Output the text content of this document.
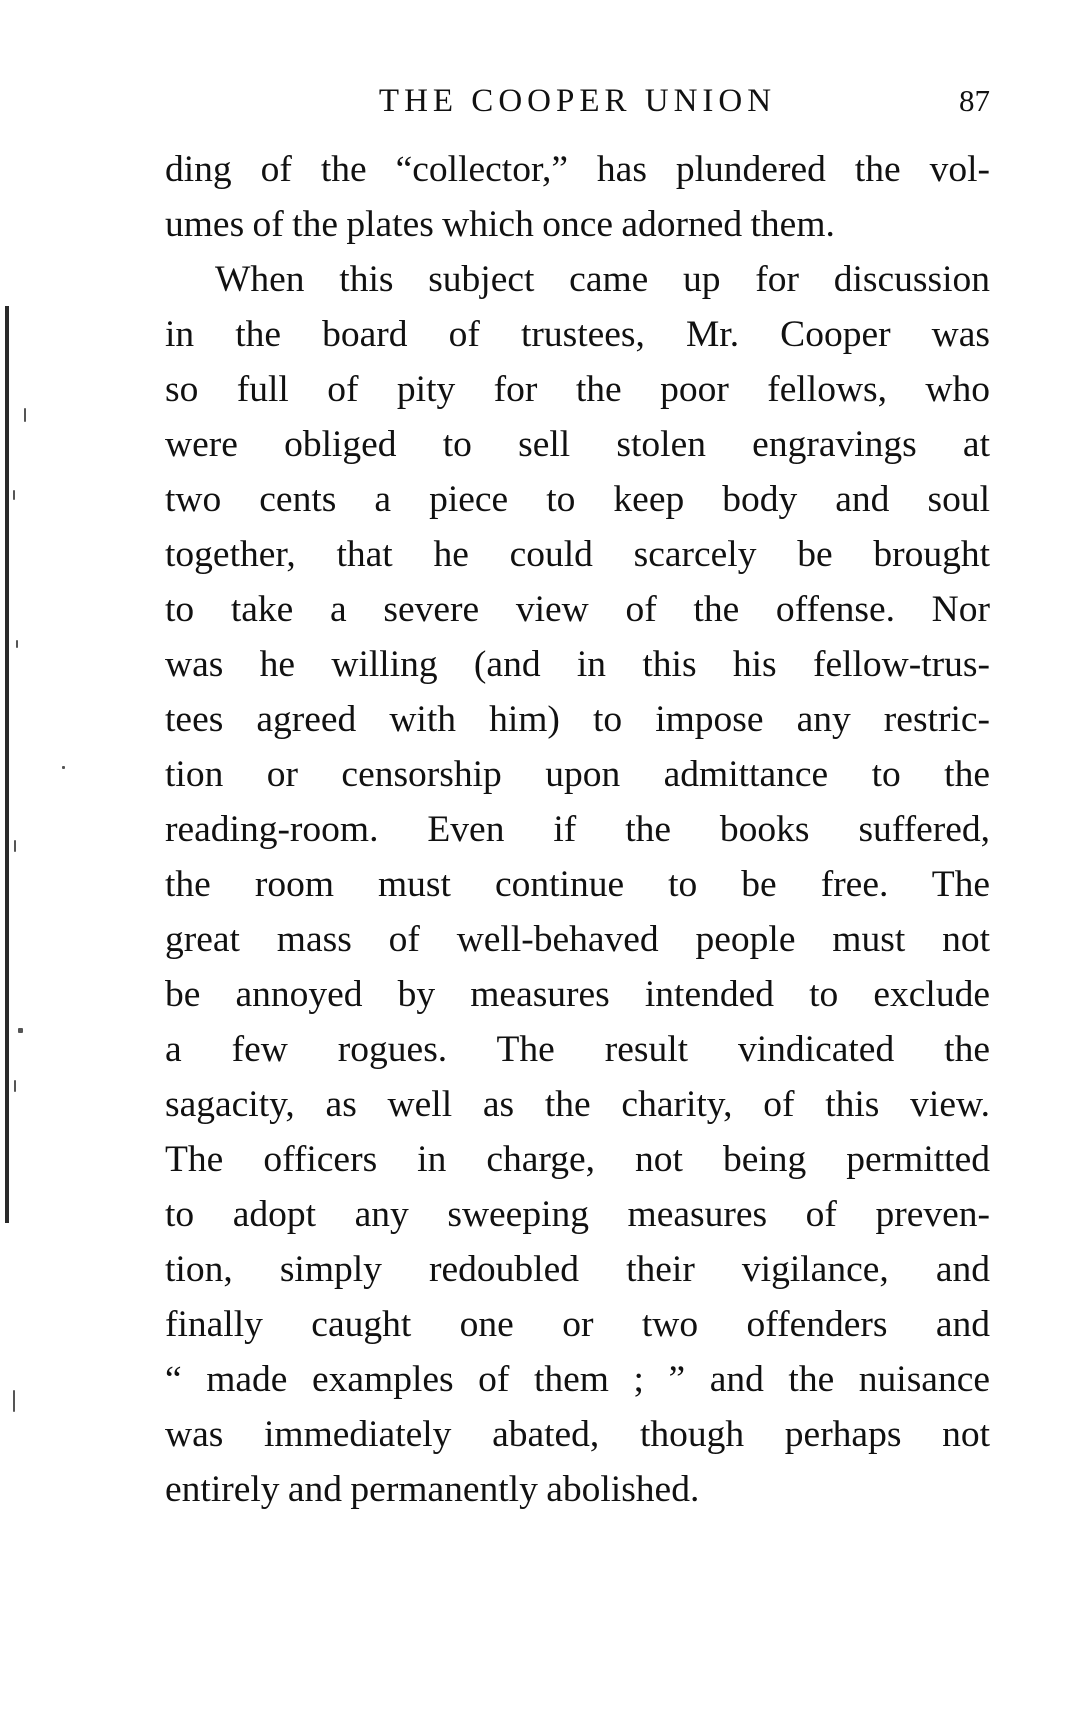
THE COOPER UNION	87
ding of the “collector,” has plundered the vol-
umes of the plates which once adorned them.
When this subject came up for discussion
in the board of trustees, Mr. Cooper was
so full of pity for the poor fellows, who
were obliged to sell stolen engravings at
two cents a piece to keep body and soul
together, that he could scarcely be brought
to take a severe view of the offense. Nor
was he willing (and in this his fellow-trus-
tees agreed with him) to impose any restric-
tion or censorship upon admittance to the
reading-room. Even if the books suffered,
the room must continue to be free. The
great mass of well-behaved people must not
be annoyed by measures intended to exclude
a few rogues. The result vindicated the
sagacity, as well as the charity, of this view.
The officers in charge, not being permitted
to adopt any sweeping measures of preven-
tion, simply redoubled their vigilance, and
finally caught one or two offenders and
“ made examples of them ; ” and the nuisance
was immediately abated, though perhaps not
entirely and permanently abolished.
